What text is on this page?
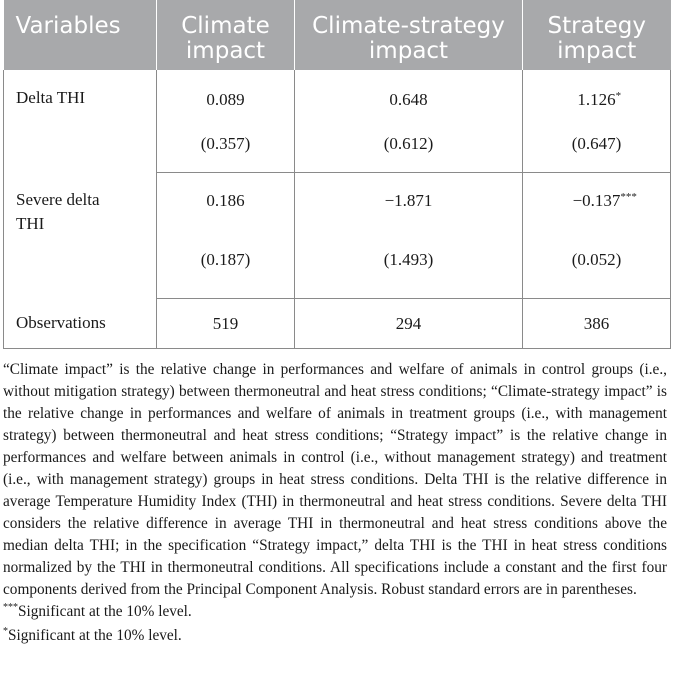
Variables	Climate impact	Climate-strategy impact	Strategy impact

Delta THI	0.089	0.648	1.126*

	(0.357)	(0.612)	(0.647)

Severe delta THI	0.186	−1.871	−0.137***

	(0.187)	(1.493)	(0.052)

Observations	519	294	386

“Climate impact” is the relative change in performances and welfare of animals in control groups (i.e., without mitigation strategy) between thermoneutral and heat stress conditions; “Climate-strategy impact” is the relative change in performances and welfare of animals in treatment groups (i.e., with management strategy) between thermoneutral and heat stress conditions; “Strategy impact” is the relative change in performances and welfare between animals in control (i.e., without management strategy) and treatment (i.e., with management strategy) groups in heat stress conditions. Delta THI is the relative difference in average Temperature Humidity Index (THI) in thermoneutral and heat stress conditions. Severe delta THI considers the relative difference in average THI in thermoneutral and heat stress conditions above the median delta THI; in the specification “Strategy impact,” delta THI is the THI in heat stress conditions normalized by the THI in thermoneutral conditions. All specifications include a constant and the first four components derived from the Principal Component Analysis. Robust standard errors are in parentheses.

***Significant at the 10% level.

*Significant at the 10% level.
